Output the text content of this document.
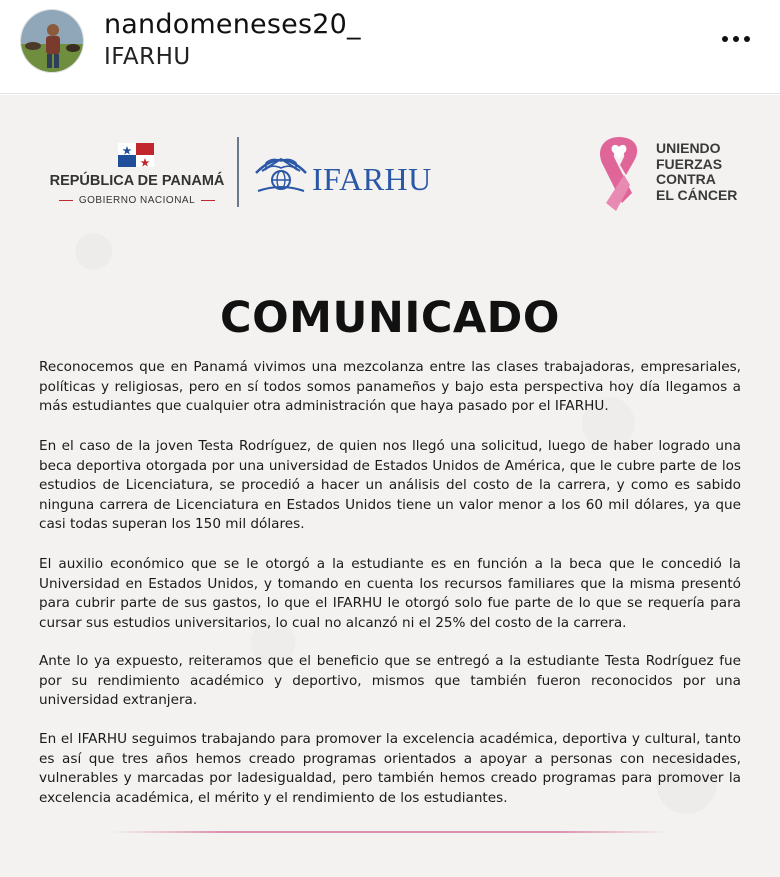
nandomeneses20_
IFARHU
REPÚBLICA DE PANAMÁ
GOBIERNO NACIONAL
IFARHU
UNIENDO
FUERZAS
CONTRA
EL CÁNCER
COMUNICADO

Reconocemos que en Panamá vivimos una mezcolanza entre las clases trabajadoras, empresariales, políticas y religiosas, pero en sí todos somos panameños y bajo esta perspectiva hoy día llegamos a más estudiantes que cualquier otra administración que haya pasado por el IFARHU.

En el caso de la joven Testa Rodríguez, de quien nos llegó una solicitud, luego de haber logrado una beca deportiva otorgada por una universidad de Estados Unidos de América, que le cubre parte de los estudios de Licenciatura, se procedió a hacer un análisis del costo de la carrera, y como es sabido ninguna carrera de Licenciatura en Estados Unidos tiene un valor menor a los 60 mil dólares, ya que casi todas superan los 150 mil dólares.

El auxilio económico que se le otorgó a la estudiante es en función a la beca que le concedió la Universidad en Estados Unidos, y tomando en cuenta los recursos familiares que la misma presentó para cubrir parte de sus gastos, lo que el IFARHU le otorgó solo fue parte de lo que se requería para cursar sus estudios universitarios, lo cual no alcanzó ni el 25% del costo de la carrera.

Ante lo ya expuesto, reiteramos que el beneficio que se entregó a la estudiante Testa Rodríguez fue por su rendimiento académico y deportivo, mismos que también fueron reconocidos por una universidad extranjera.

En el IFARHU seguimos trabajando para promover la excelencia académica, deportiva y cultural, tanto es así que tres años hemos creado programas orientados a apoyar a personas con necesidades, vulnerables y marcadas por ladesigualdad, pero también hemos creado programas para promover la excelencia académica, el mérito y el rendimiento de los estudiantes.
